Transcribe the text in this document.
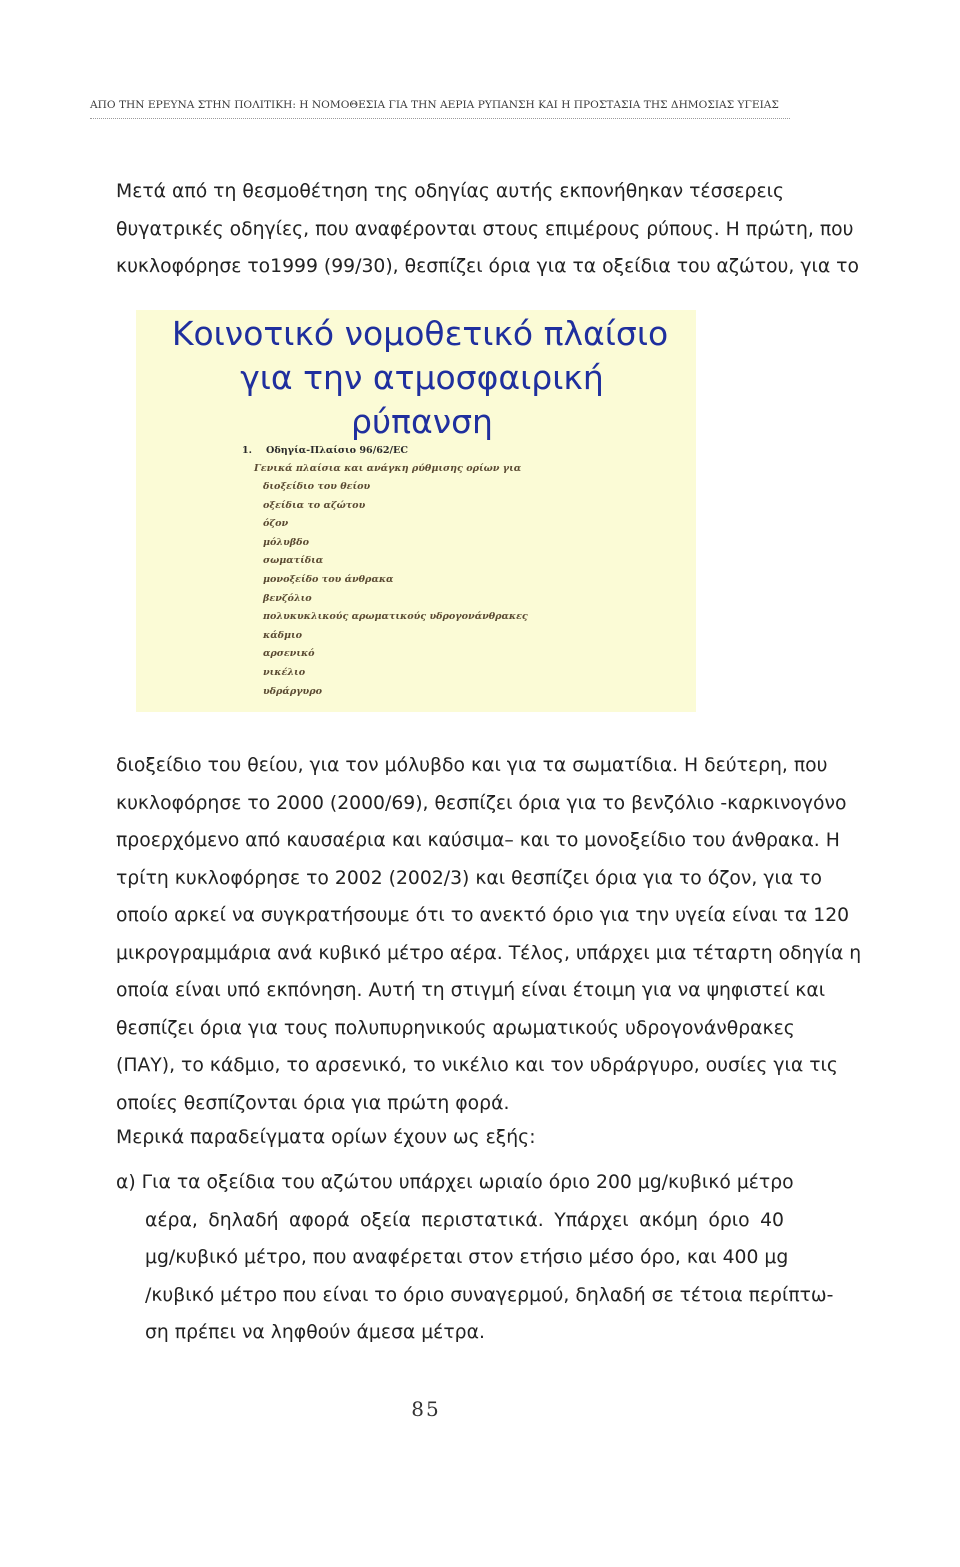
ΑΠΟ ΤΗΝ ΕΡΕΥΝΑ ΣΤΗΝ ΠΟΛΙΤΙΚΗ: Η ΝΟΜΟΘΕΣΙΑ ΓΙΑ ΤΗΝ ΑΕΡΙΑ ΡΥΠΑΝΣΗ ΚΑΙ Η ΠΡΟΣΤΑΣΙΑ ΤΗΣ ΔΗΜΟΣΙΑΣ ΥΓΕΙΑΣ
Μετά από τη θεσμοθέτηση της οδηγίας αυτής εκπονήθηκαν τέσσερεις
θυγατρικές οδηγίες, που αναφέρονται στους επιμέρους ρύπους. Η πρώτη, που
κυκλοφόρησε το1999 (99/30), θεσπίζει όρια για τα οξείδια του αζώτου, για το
Κοινοτικό νομοθετικό πλαίσιο
για την ατμοσφαιρική
ρύπανση
1. Οδηγία-Πλαίσιο 96/62/EC
Γενικά πλαίσια και ανάγκη ρύθμισης ορίων για
διοξείδιο του θείου
οξείδια το αζώτου
όζον
μόλυβδο
σωματίδια
μονοξείδο του άνθρακα
βενζόλιο
πολυκυκλικούς αρωματικούς υδρογονάνθρακες
κάδμιο
αρσενικό
νικέλιο
υδράργυρο
διοξείδιο του θείου, για τον μόλυβδο και για τα σωματίδια. Η δεύτερη, που
κυκλοφόρησε το 2000 (2000/69), θεσπίζει όρια για το βενζόλιο -καρκινογόνο
προερχόμενο από καυσαέρια και καύσιμα– και το μονοξείδιο του άνθρακα. Η
τρίτη κυκλοφόρησε το 2002 (2002/3) και θεσπίζει όρια για το όζον, για το
οποίο αρκεί να συγκρατήσουμε ότι το ανεκτό όριο για την υγεία είναι τα 120
μικρογραμμάρια ανά κυβικό μέτρο αέρα. Τέλος, υπάρχει μια τέταρτη οδηγία η
οποία είναι υπό εκπόνηση. Αυτή τη στιγμή είναι έτοιμη για να ψηφιστεί και
θεσπίζει όρια για τους πολυπυρηνικούς αρωματικούς υδρογονάνθρακες
(ΠΑΥ), το κάδμιο, το αρσενικό, το νικέλιο και τον υδράργυρο, ουσίες για τις
οποίες θεσπίζονται όρια για πρώτη φορά.
Μερικά παραδείγματα ορίων έχουν ως εξής:
α) Για τα οξείδια του αζώτου υπάρχει ωριαίο όριο 200 μg/κυβικό μέτρο
αέρα, δηλαδή αφορά οξεία περιστατικά. Υπάρχει ακόμη όριο 40
μg/κυβικό μέτρο, που αναφέρεται στον ετήσιο μέσο όρο, και 400 μg
/κυβικό μέτρο που είναι το όριο συναγερμού, δηλαδή σε τέτοια περίπτω-
ση πρέπει να ληφθούν άμεσα μέτρα.
85
